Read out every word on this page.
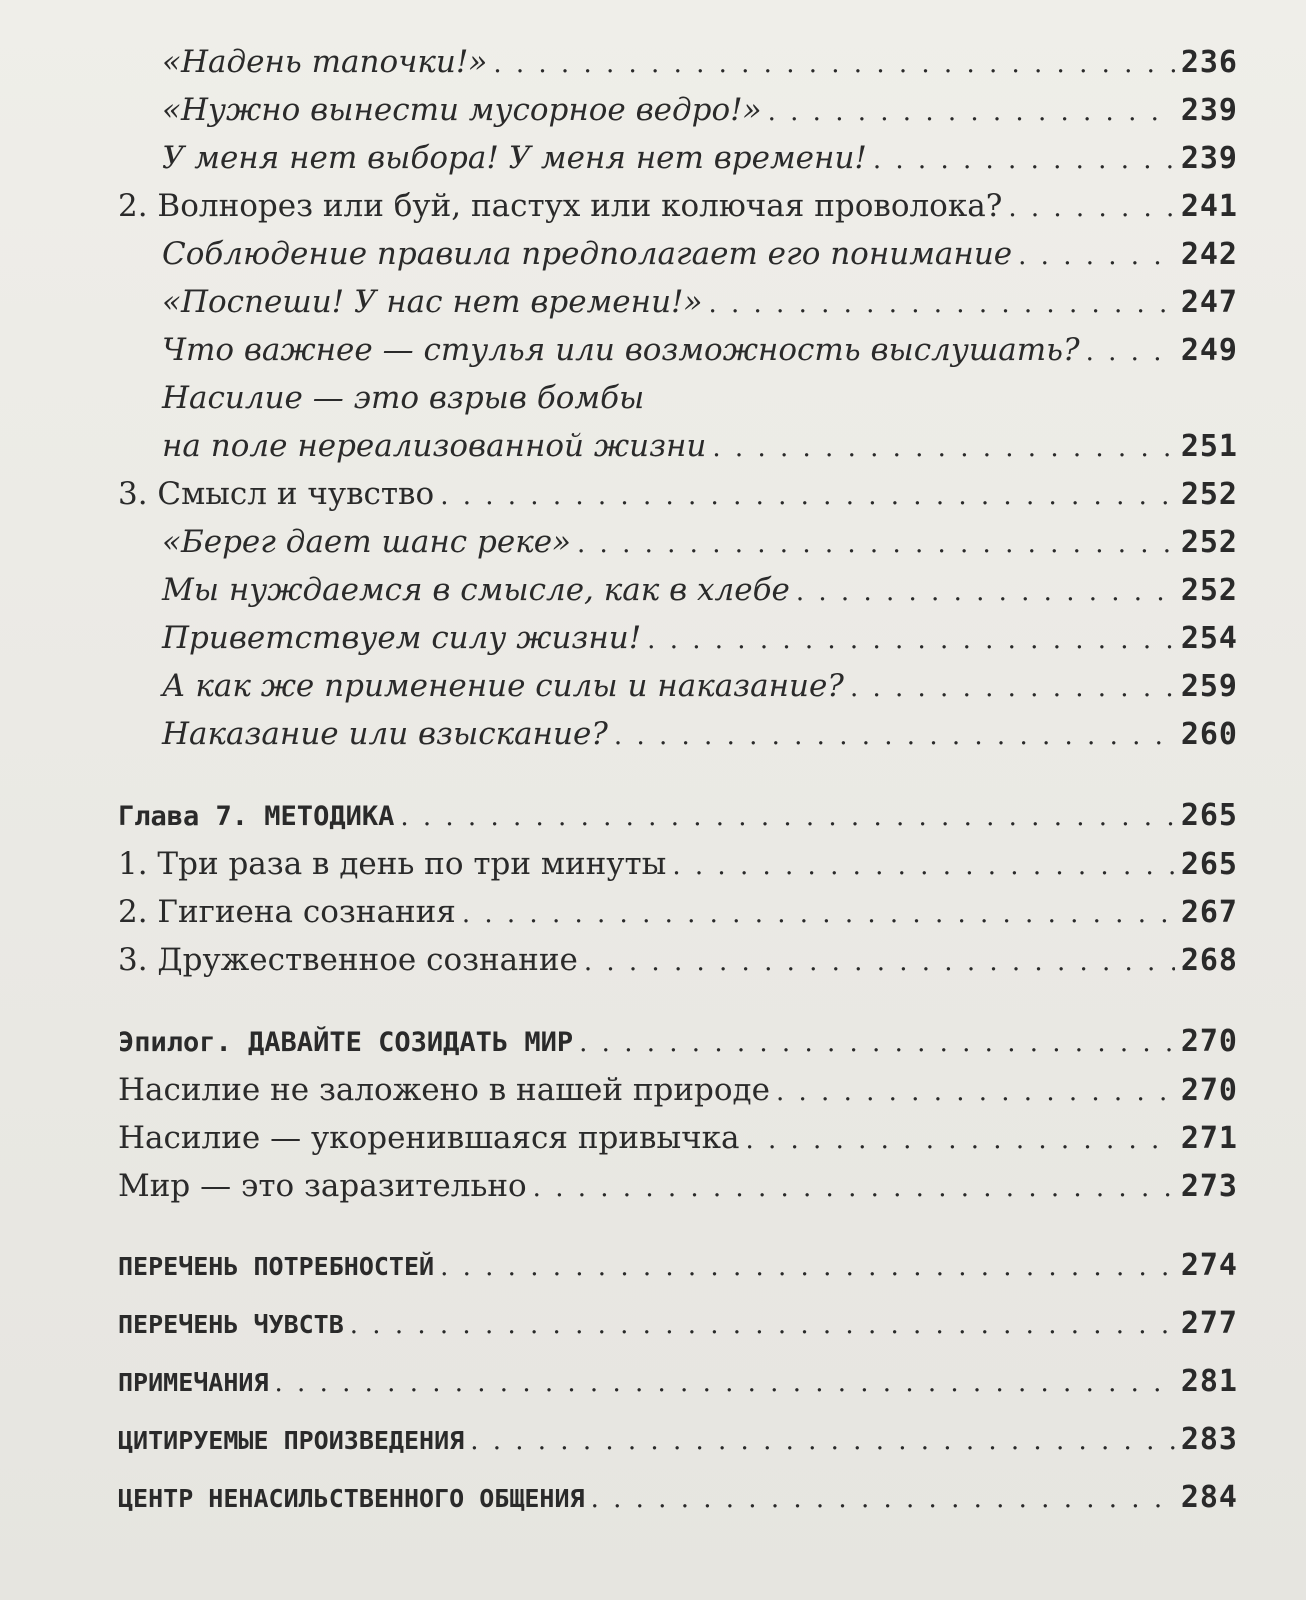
«Надень тапочки!» . . .	236
«Нужно вынести мусорное ведро!» . . .	239
У меня нет выбора! У меня нет времени! . . .	239
2. Волнорез или буй, пастух или колючая проволока? . . .	241
Соблюдение правила предполагает его понимание . . .	242
«Поспеши! У нас нет времени!» . . .	247
Что важнее — стулья или возможность выслушать? . . .	249
Насилие — это взрыв бомбы
на поле нереализованной жизни . . .	251
3. Смысл и чувство . . .	252
«Берег дает шанс реке» . . .	252
Мы нуждаемся в смысле, как в хлебе . . .	252
Приветствуем силу жизни! . . .	254
А как же применение силы и наказание? . . .	259
Наказание или взыскание? . . .	260
Глава 7. МЕТОДИКА . . .	265
1. Три раза в день по три минуты . . .	265
2. Гигиена сознания . . .	267
3. Дружественное сознание . . .	268
Эпилог. ДАВАЙТЕ СОЗИДАТЬ МИР . . .	270
Насилие не заложено в нашей природе . . .	270
Насилие — укоренившаяся привычка . . .	271
Мир — это заразительно . . .	273
ПЕРЕЧЕНЬ ПОТРЕБНОСТЕЙ . . .	274
ПЕРЕЧЕНЬ ЧУВСТВ . . .	277
ПРИМЕЧАНИЯ . . .	281
ЦИТИРУЕМЫЕ ПРОИЗВЕДЕНИЯ . . .	283
ЦЕНТР НЕНАСИЛЬСТВЕННОГО ОБЩЕНИЯ . . .	284
